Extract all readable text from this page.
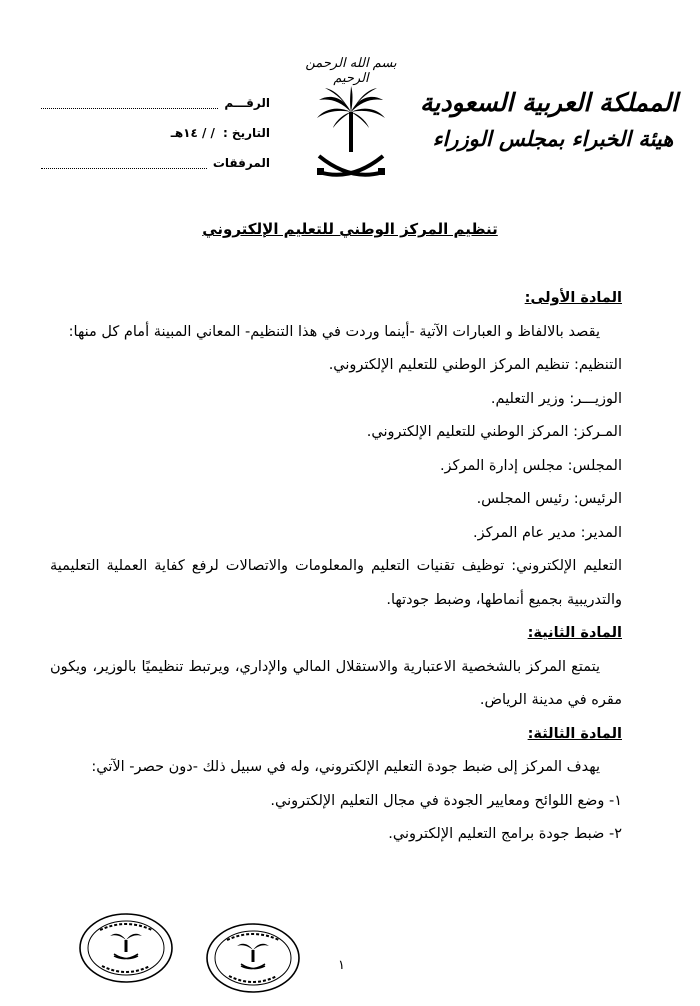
بسم الله الرحمن الرحيم
المملكة العربية السعودية
هيئة الخبراء بمجلس الوزراء
الرقـــم
التاريخ :
/ / ١٤هـ
المرفقات
تنظيم المركز الوطني للتعليم الإلكتروني

المادة الأولى:

يقصد بالالفاظ و العبارات الآتية -أينما وردت في هذا التنظيم- المعاني المبينة أمام كل منها:

التنظيم: تنظيم المركز الوطني للتعليم الإلكتروني.

الوزيـــر: وزير التعليم.

المـركز: المركز الوطني للتعليم الإلكتروني.

المجلس: مجلس إدارة المركز.

الرئيس: رئيس المجلس.

المدير: مدير عام المركز.

التعليم الإلكتروني: توظيف تقنيات التعليم والمعلومات والاتصالات لرفع كفاية العملية التعليمية والتدريبية بجميع أنماطها، وضبط جودتها.

المادة الثانية:

يتمتع المركز بالشخصية الاعتبارية والاستقلال المالي والإداري، ويرتبط تنظيميًا بالوزير، ويكون مقره في مدينة الرياض.

المادة الثالثة:

يهدف المركز إلى ضبط جودة التعليم الإلكتروني، وله في سبيل ذلك -دون حصر- الآتي:

١- وضع اللوائح ومعايير الجودة في مجال التعليم الإلكتروني.

٢- ضبط جودة برامج التعليم الإلكتروني.

١
